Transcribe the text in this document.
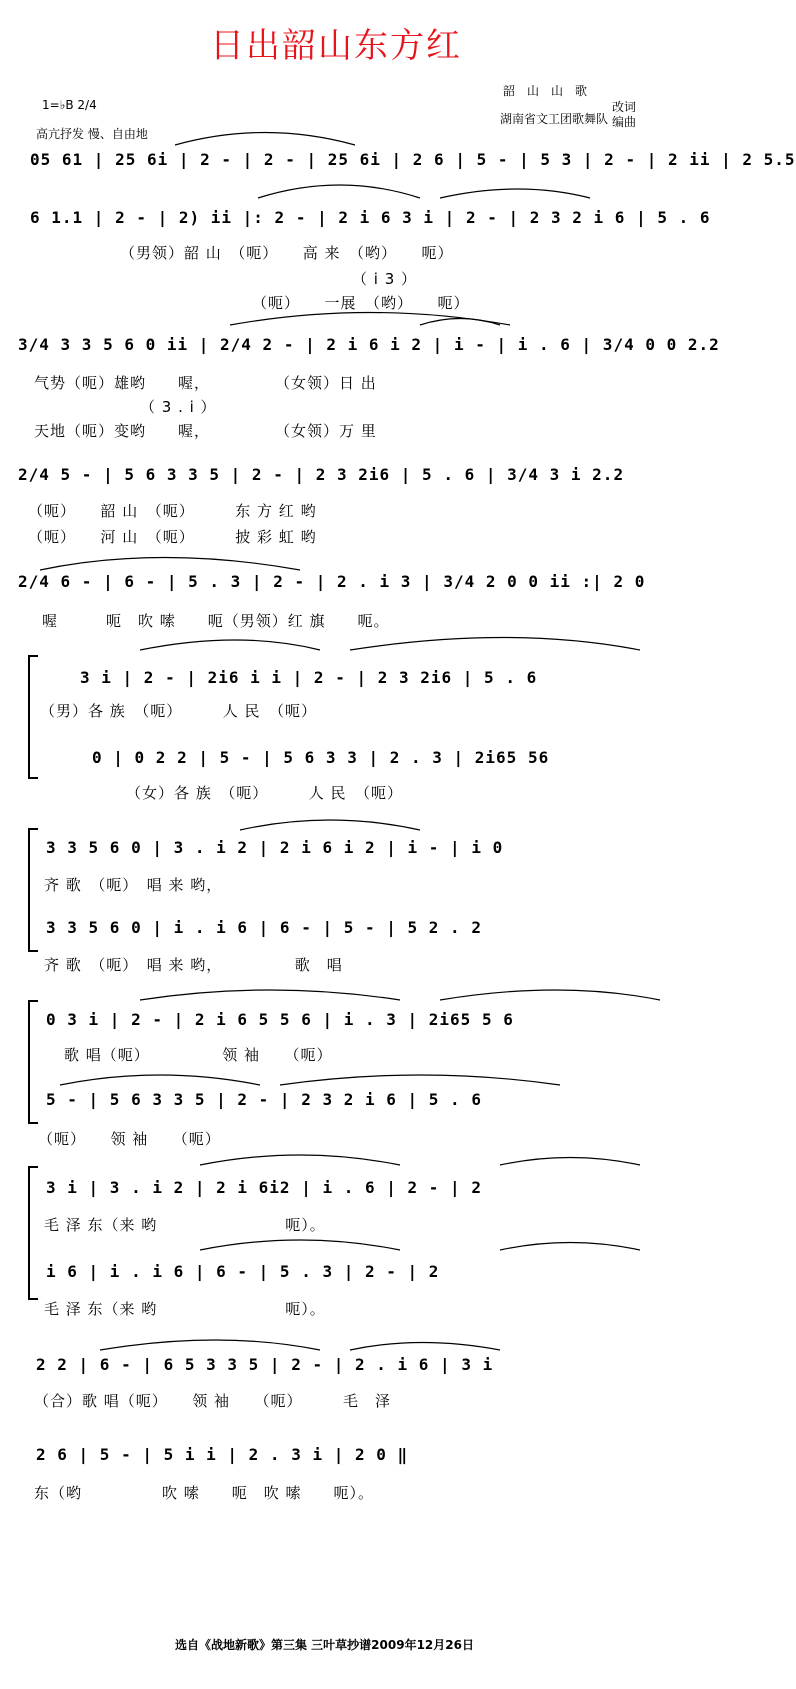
日出韶山东方红
韶　山　山　歌
湖南省文工团歌舞队
改词
编曲
1=♭B 2/4
高亢抒发 慢、自由地
05 61 | 25 6i | 2 - | 2 - | 25 6i | 2 6 | 5 - | 5 3 | 2 - | 2 ii | 2 5.5
6 1.1 | 2 - | 2) ii |: 2 - | 2 i 6 3 i | 2 - | 2 3 2 i 6 | 5 . 6
（男领）韶 山　（呃）　　高 来　（哟）　　呃）
（ i 3 ）
（呃）　　一展　（哟）　　呃）
3/4 3 3 5 6 0 ii | 2/4 2 - | 2 i 6 i 2 | i - | i . 6 | 3/4 0 0 2.2
气势（呃）雄哟　　喔，　　　　　（女领）日 出
（ 3 . i ）
天地（呃）变哟　　喔，　　　　　（女领）万 里
2/4 5 - | 5 6 3 3 5 | 2 - | 2 3 2i6 | 5 . 6 | 3/4 3 i 2.2
（呃）　　韶 山　（呃）　　　东 方 红 哟
（呃）　　河 山　（呃）　　　披 彩 虹 哟
2/4 6 - | 6 - | 5 . 3 | 2 - | 2 . i 3 | 3/4 2 0 0 ii :| 2 0
喔　　　呃　吹 嗦　　呃（男领）红 旗　　呃。
3 i | 2 - | 2i6 i i | 2 - | 2 3 2i6 | 5 . 6
（男）各 族　（呃）　　　人 民　（呃）
0 | 0 2 2 | 5 - | 5 6 3 3 | 2 . 3 | 2i65 56
（女）各 族　（呃）　　　人 民　（呃）
3 3 5 6 0 | 3 . i 2 | 2 i 6 i 2 | i - | i 0
齐 歌　（呃）　唱 来 哟，
3 3 5 6 0 | i . i 6 | 6 - | 5 - | 5 2 . 2
齐 歌　（呃）　唱 来 哟，　　　　　歌　唱
0 3 i | 2 - | 2 i 6 5 5 6 | i . 3 | 2i65 5 6
歌 唱（呃）　　　　　领 袖　　（呃）
5 - | 5 6 3 3 5 | 2 - | 2 3 2 i 6 | 5 . 6
（呃）　　领 袖　　（呃）
3 i | 3 . i 2 | 2 i 6i2 | i . 6 | 2 - | 2
毛 泽 东（来 哟　　　　　　　　呃）。
i 6 | i . i 6 | 6 - | 5 . 3 | 2 - | 2
毛 泽 东（来 哟　　　　　　　　呃）。
2 2 | 6 - | 6 5 3 3 5 | 2 - | 2 . i 6 | 3 i
（合）歌 唱（呃）　　领 袖　　（呃）　　　毛　泽
2 6 | 5 - | 5 i i | 2 . 3 i | 2 0 ‖
东（哟　　　　　吹 嗦　　呃　吹 嗦　　呃）。
选自《战地新歌》第三集 三叶草抄谱2009年12月26日
